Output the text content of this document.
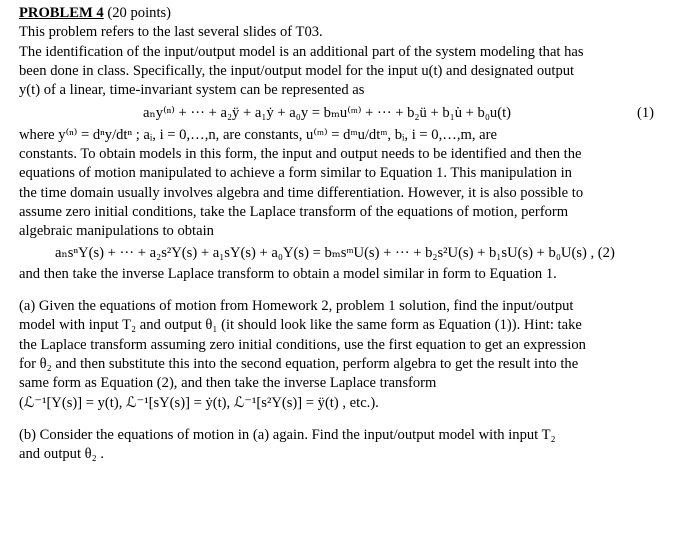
PROBLEM 4 (20 points)
This problem refers to the last several slides of T03.
The identification of the input/output model is an additional part of the system modeling that has
been done in class. Specifically, the input/output model for the input u(t) and designated output
y(t) of a linear, time-invariant system can be represented as
aₙy⁽ⁿ⁾ + ··· + a₂ÿ + a₁ẏ + a₀y = bₘu⁽ᵐ⁾ + ··· + b₂ü + b₁u̇ + b₀u(t)	(1)
where y⁽ⁿ⁾ = dⁿy/dtⁿ ; aᵢ, i = 0,…,n, are constants, u⁽ᵐ⁾ = dᵐu/dtᵐ, bᵢ, i = 0,…,m, are
constants. To obtain models in this form, the input and output needs to be identified and then the
equations of motion manipulated to achieve a form similar to Equation 1. This manipulation in
the time domain usually involves algebra and time differentiation. However, it is also possible to
assume zero initial conditions, take the Laplace transform of the equations of motion, perform
algebraic manipulations to obtain
aₙsⁿY(s) + ··· + a₂s²Y(s) + a₁sY(s) + a₀Y(s) = bₘsᵐU(s) + ··· + b₂s²U(s) + b₁sU(s) + b₀U(s) , (2)
and then take the inverse Laplace transform to obtain a model similar in form to Equation 1.
(a) Given the equations of motion from Homework 2, problem 1 solution, find the input/output
model with input T₂ and output θ₁ (it should look like the same form as Equation (1)). Hint: take
the Laplace transform assuming zero initial conditions, use the first equation to get an expression
for θ₂ and then substitute this into the second equation, perform algebra to get the result into the
same form as Equation (2), and then take the inverse Laplace transform
(ℒ⁻¹[Y(s)] = y(t), ℒ⁻¹[sY(s)] = ẏ(t), ℒ⁻¹[s²Y(s)] = ÿ(t) , etc.).
(b) Consider the equations of motion in (a) again. Find the input/output model with input T₂
and output θ₂ .
